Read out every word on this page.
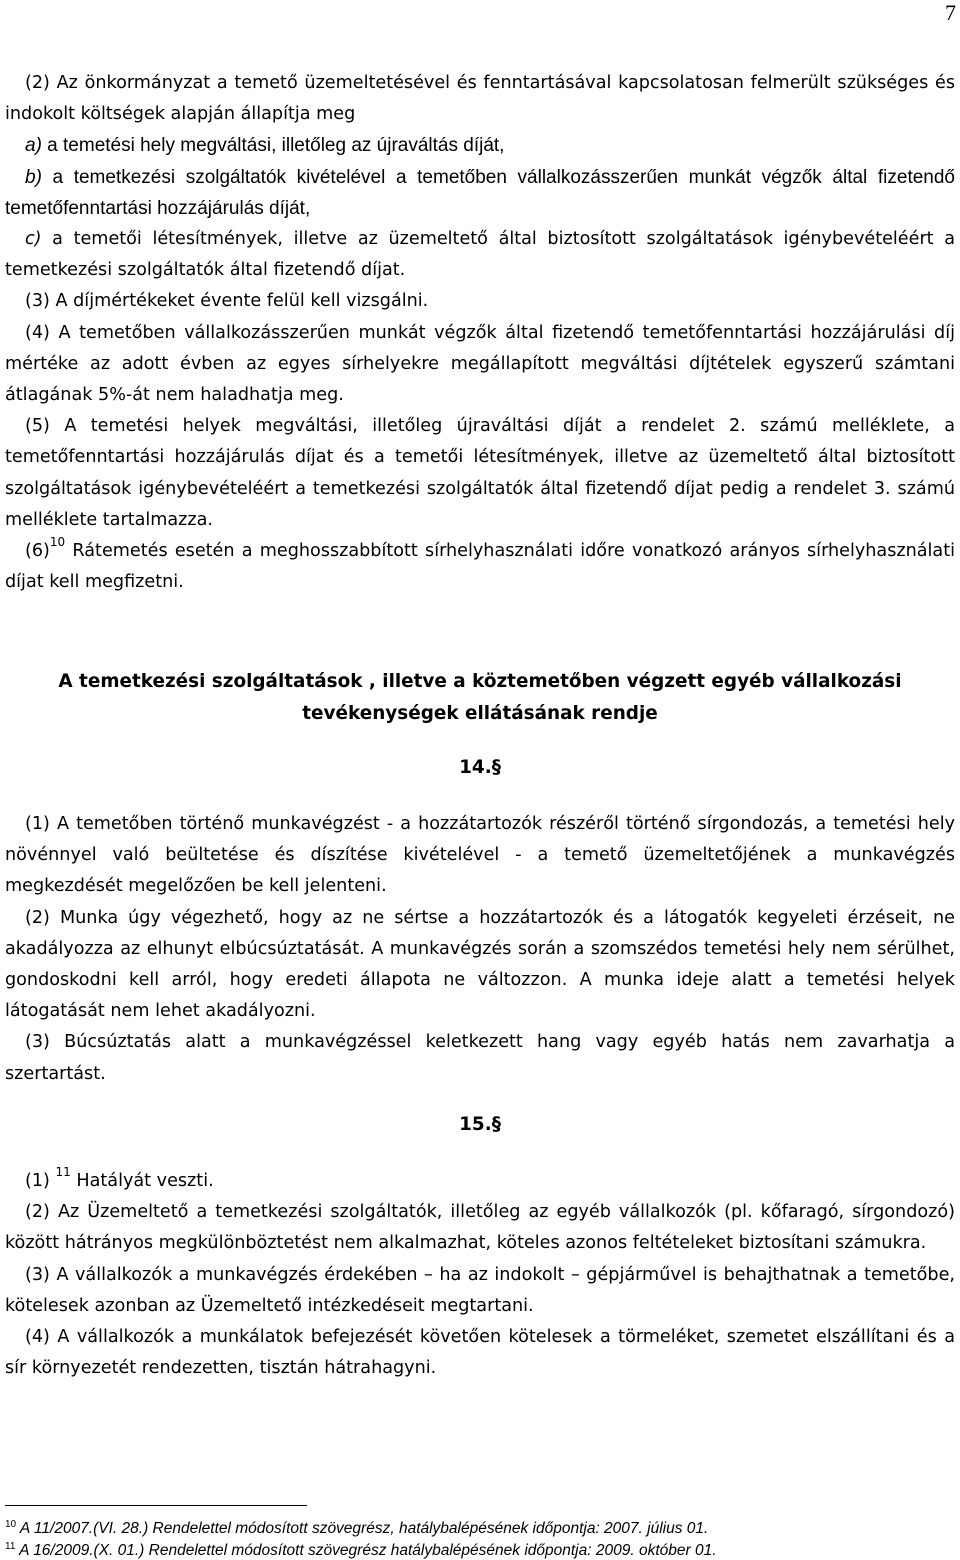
7

(2) Az önkormányzat a temető üzemeltetésével és fenntartásával kapcsolatosan felmerült szükséges és indokolt költségek alapján állapítja meg

a) a temetési hely megváltási, illetőleg az újraváltás díját,

b) a temetkezési szolgáltatók kivételével a temetőben vállalkozásszerűen munkát végzők által fizetendő temetőfenntartási hozzájárulás díját,

c) a temetői létesítmények, illetve az üzemeltető által biztosított szolgáltatások igénybevételéért a temetkezési szolgáltatók által fizetendő díjat.

(3) A díjmértékeket évente felül kell vizsgálni.

(4) A temetőben vállalkozásszerűen munkát végzők által fizetendő temetőfenntartási hozzájárulási díj mértéke az adott évben az egyes sírhelyekre megállapított megváltási díjtételek egyszerű számtani átlagának 5%-át nem haladhatja meg.

(5) A temetési helyek megváltási, illetőleg újraváltási díját a rendelet 2. számú melléklete, a temetőfenntartási hozzájárulás díjat és a temetői létesítmények, illetve az üzemeltető által biztosított szolgáltatások igénybevételéért a temetkezési szolgáltatók által fizetendő díjat pedig a rendelet 3. számú melléklete tartalmazza.

$(6)^{10}$ Rátemetés esetén a meghosszabbított sírhelyhasználati időre vonatkozó arányos sírhelyhasználati díjat kell megfizetni.

A temetkezési szolgáltatások , illetve a köztemetőben végzett egyéb vállalkozási tevékenységek ellátásának rendje
14.§

(1) A temetőben történő munkavégzést - a hozzátartozók részéről történő sírgondozás, a temetési hely növénnyel való beültetése és díszítése kivételével - a temető üzemeltetőjének a munkavégzés megkezdését megelőzően be kell jelenteni.

(2) Munka úgy végezhető, hogy az ne sértse a hozzátartozók és a látogatók kegyeleti érzéseit, ne akadályozza az elhunyt elbúcsúztatását. A munkavégzés során a szomszédos temetési hely nem sérülhet, gondoskodni kell arról, hogy eredeti állapota ne változzon. A munka ideje alatt a temetési helyek látogatását nem lehet akadályozni.

(3) Búcsúztatás alatt a munkavégzéssel keletkezett hang vagy egyéb hatás nem zavarhatja a szertartást.

15.§

(1) $^{11}$ Hatályát veszti.

(2) Az Üzemeltető a temetkezési szolgáltatók, illetőleg az egyéb vállalkozók (pl. kőfaragó, sírgondozó) között hátrányos megkülönböztetést nem alkalmazhat, köteles azonos feltételeket biztosítani számukra.

(3) A vállalkozók a munkavégzés érdekében – ha az indokolt – gépjárművel is behajthatnak a temetőbe, kötelesek azonban az Üzemeltető intézkedéseit megtartani.

(4) A vállalkozók a munkálatok befejezését követően kötelesek a törmeléket, szemetet elszállítani és a sír környezetét rendezetten, tisztán hátrahagyni.

$^{10}$ A 11/2007.(VI. 28.) Rendelettel módosított szövegrész, hatálybalépésének időpontja: 2007. július 01.
$^{11}$ A 16/2009.(X. 01.) Rendelettel módosított szövegrész hatálybalépésének időpontja: 2009. október 01.
